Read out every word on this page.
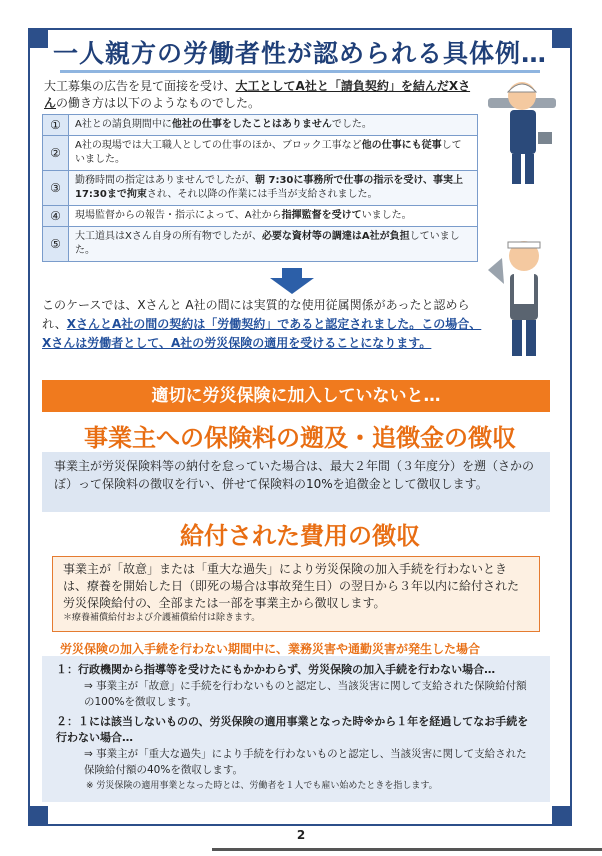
一人親方の労働者性が認められる具体例…
大工募集の広告を見て面接を受け、大工としてA社と「請負契約」を結んだXさんの働き方は以下のようなものでした。
①	A社との請負期間中に他社の仕事をしたことはありませんでした。
②	A社の現場では大工職人としての仕事のほか、ブロック工事など他の仕事にも従事していました。
③	勤務時間の指定はありませんでしたが、朝 7:30に事務所で仕事の指示を受け、事実上 17:30まで拘束され、それ以降の作業には手当が支給されました。
④	現場監督からの報告・指示によって、A社から指揮監督を受けていました。
⑤	大工道具はXさん自身の所有物でしたが、必要な資材等の調達はA社が負担していました。
このケースでは、Xさんと A社の間には実質的な使用従属関係があったと認められ、XさんとA社の間の契約は「労働契約」であると認定されました。この場合、Xさんは労働者として、A社の労災保険の適用を受けることになります。
適切に労災保険に加入していないと…
事業主への保険料の遡及・追徴金の徴収
事業主が労災保険料等の納付を怠っていた場合は、最大２年間（３年度分）を遡（さかのぼ）って保険料の徴収を行い、併せて保険料の10%を追徴金として徴収します。
給付された費用の徴収
事業主が「故意」または「重大な過失」により労災保険の加入手続を行わないときは、療養を開始した日（即死の場合は事故発生日）の翌日から３年以内に給付された労災保険給付の、全部または一部を事業主から徴収します。
＊療養補償給付および介護補償給付は除きます。
労災保険の加入手続を行わない期間中に、業務災害や通勤災害が発生した場合
１：行政機関から指導等を受けたにもかかわらず、労災保険の加入手続を行わない場合…
⇒ 事業主が「故意」に手続を行わないものと認定し、当該災害に関して支給された保険給付額の100%を徴収します。
２：１には該当しないものの、労災保険の適用事業となった時※から１年を経過してなお手続を行わない場合…
⇒ 事業主が「重大な過失」により手続を行わないものと認定し、当該災害に関して支給された保険給付額の40%を徴収します。
※ 労災保険の適用事業となった時とは、労働者を１人でも雇い始めたときを指します。
2
